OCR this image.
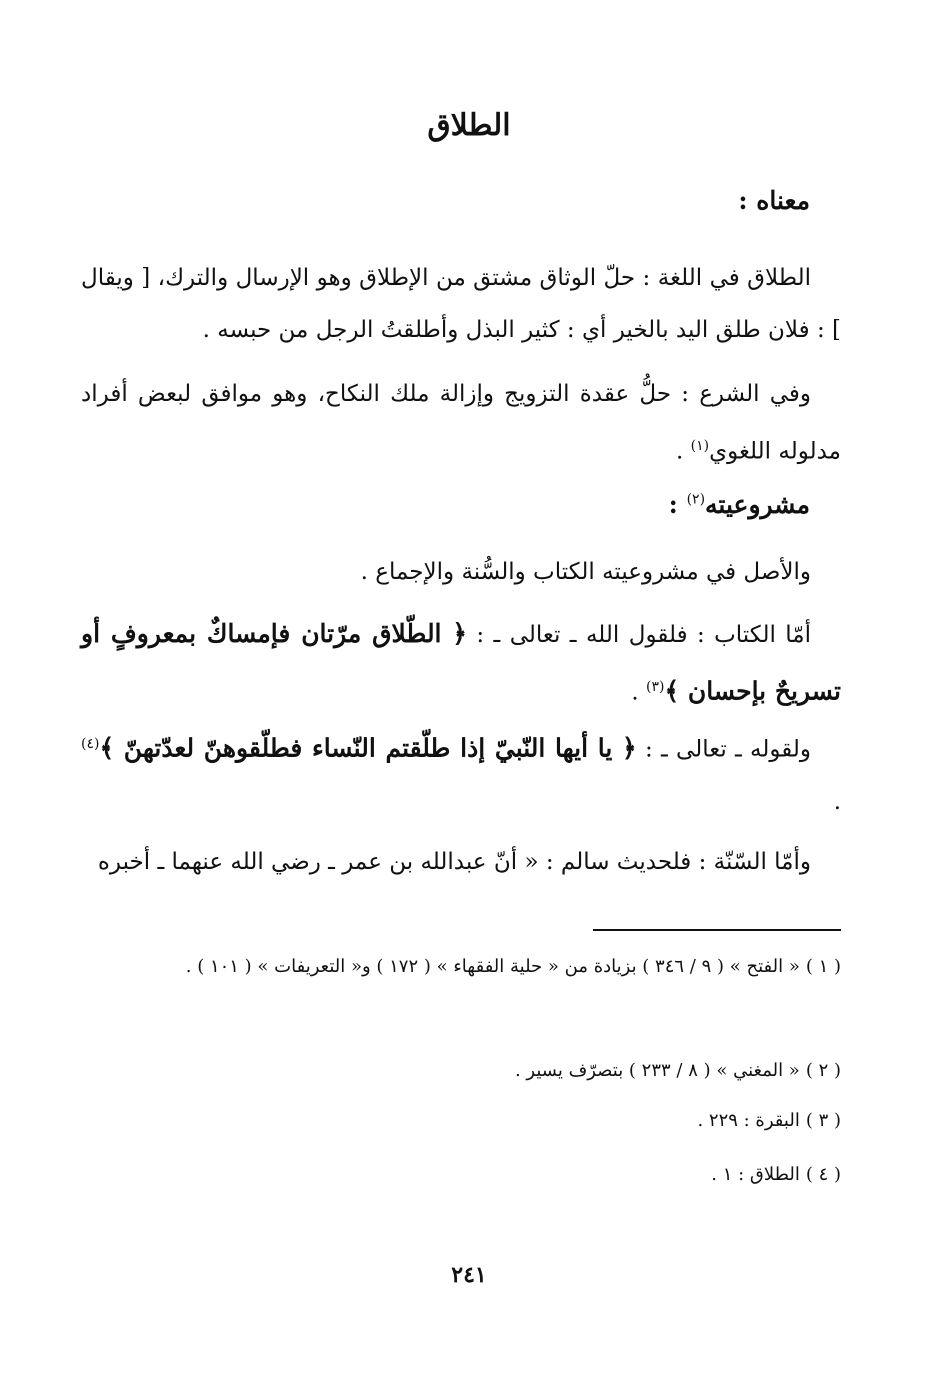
الطلاق
معناه :
الطلاق في اللغة : حلّ الوثاق مشتق من الإطلاق وهو الإرسال والترك، [ ويقال ] : فلان طلق اليد بالخير أي : كثير البذل وأطلقتُ الرجل من حبسه .
وفي الشرع : حلُّ عقدة التزويج وإزالة ملك النكاح، وهو موافق لبعض أفراد مدلوله اللغوي$^{(١)}$ .
مشروعيته$^{(٢)}$ :
والأصل في مشروعيته الكتاب والسُّنة والإجماع .
أمّا الكتاب : فلقول الله ـ تعالى ـ : ﴿ الطّلاق مرّتان فإمساكٌ بمعروفٍ أو تسريحٌ بإحسان ﴾$^{(٣)}$ .
ولقوله ـ تعالى ـ : ﴿ يا أيها النّبيّ إذا طلّقتم النّساء فطلّقوهنّ لعدّتهنّ ﴾$^{(٤)}$ .
وأمّا السّنّة : فلحديث سالم : « أنّ عبدالله بن عمر ـ رضي الله عنهما ـ أخبره
( ١ )« الفتح » ( ٩ / ٣٤٦ ) بزيادة من « حلية الفقهاء » ( ١٧٢ ) و« التعريفات » ( ١٠١ ) .
( ٢ )« المغني » ( ٨ / ٢٣٣ ) بتصرّف يسير .
( ٣ )البقرة : ٢٢٩ .
( ٤ )الطلاق : ١ .
٢٤١
